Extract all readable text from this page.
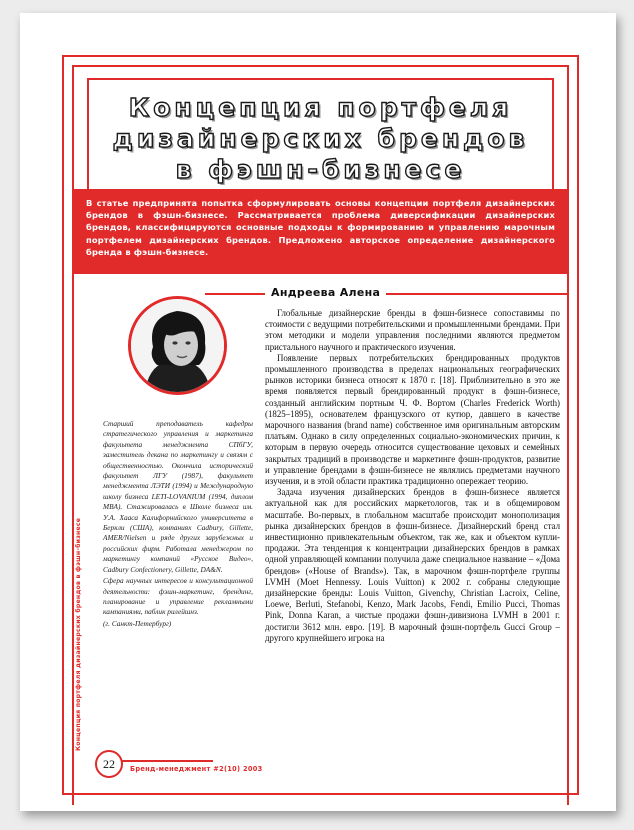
Концепция портфеля
дизайнерских брендов
в фэшн-бизнесе
В статье предпринята попытка сформулировать основы концепции портфеля дизайнерских брендов в фэшн-бизнесе. Рассматривается проблема диверсификации дизайнерских брендов, классифицируются основные подходы к формированию и управлению марочным портфелем дизайнерских брендов. Предложено авторское определение дизайнерского бренда в фэшн-бизнесе.
Андреева Алена

Старший преподаватель кафедры стратегического управления и маркетинга факультета менеджмента СПбГУ, заместитель декана по маркетингу и связям с общественностью. Окончила исторический факультет ЛГУ (1987), факультет менеджмента ЛЭТИ (1994) и Международную школу бизнеса LETI-LOVANIUM (1994, диплом MBA). Стажировалась в Школе бизнеса им. У.А. Хааса Калифорнийского университета в Беркли (США), компаниях Cadbury, Gillette, AMER/Nielsen и ряде других зарубежных и российских фирм. Работала менеджером по маркетингу компаний «Русское Видео», Cadbury Confectionery, Gillette, DA&N.

Сфера научных интересов и консультационной деятельности: фэшн-маркетинг, брендинг, планирование и управление рекламными кампаниями, паблик рилейшнз.

(г. Санкт-Петербург)

Глобальные дизайнерские бренды в фэшн-бизнесе сопоставимы по стоимости с ведущими потребительскими и промышленными брендами. При этом методики и модели управления последними являются предметом пристального научного и практического изучения.

Появление первых потребительских брендированных продуктов промышленного производства в пределах национальных географических рынков историки бизнеса относят к 1870 г. [18]. Приблизительно в это же время появляется первый брендированный продукт в фэшн-бизнесе, созданный английским портным Ч. Ф. Вортом (Charles Frederick Worth) (1825–1895), основателем французского от кутюр, давшего в качестве марочного названия (brand name) собственное имя оригинальным авторским платьям. Однако в силу определенных социально-экономических причин, к которым в первую очередь относится существование цеховых и семейных закрытых традиций в производстве и маркетинге фэшн-продуктов, развитие и управление брендами в фэшн-бизнесе не являлись предметами научного изучения, и в этой области практика традиционно опережает теорию.

Задача изучения дизайнерских брендов в фэшн-бизнесе является актуальной как для российских маркетологов, так и в общемировом масштабе. Во-первых, в глобальном масштабе происходит монополизация рынка дизайнерских брендов в фэшн-бизнесе. Дизайнерский бренд стал инвестиционно привлекательным объектом, так же, как и объектом купли-продажи. Эта тенденция к концентрации дизайнерских брендов в рамках одной управляющей компании получила даже специальное название – «Дома брендов» («House of Brands»). Так, в марочном фэшн-портфеле группы LVMH (Moet Hennessy. Louis Vuitton) к 2002 г. собраны следующие дизайнерские бренды: Louis Vuitton, Givenchy, Christian Lacroix, Celine, Loewe, Berluti, Stefanobi, Kenzo, Mark Jacobs, Fendi, Emilio Pucci, Thomas Pink, Donna Karan, а чистые продажи фэшн-дивизиона LVMH в 2001 г. достигли 3612 млн. евро. [19]. В марочный фэшн-портфель Gucci Group – другого крупнейшего игрока на

Концепция портфеля дизайнерских брендов в фэшн-бизнесе
22	Бренд-менеджмент #2(10) 2003
